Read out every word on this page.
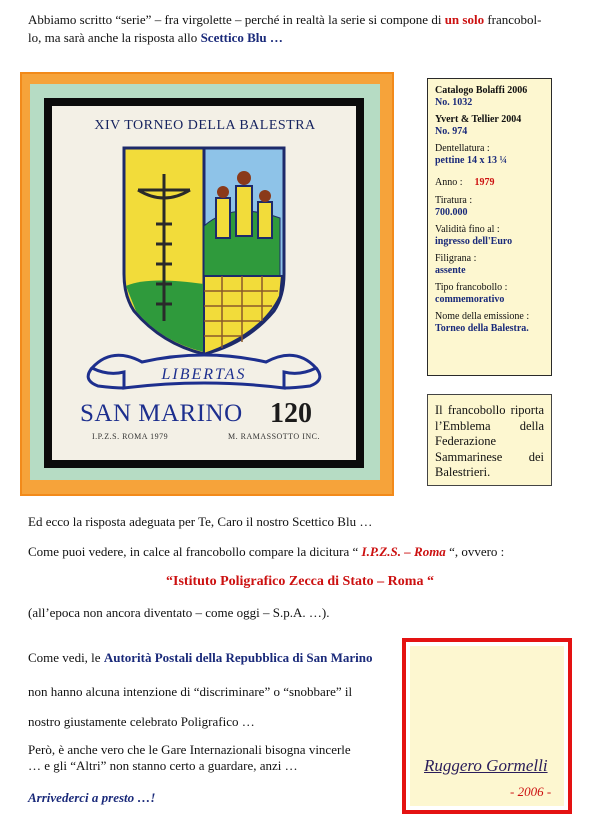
Abbiamo scritto “serie” – fra virgolette – perché in realtà la serie si compone di un solo francobol-
lo, ma sarà anche la risposta allo Scettico Blu …
LIBERTAS
XIV TORNEO DELLA BALESTRA
SAN MARINO 120
I.P.Z.S. ROMA 1979	M. RAMASSOTTO INC.
Catalogo Bolaffi 2006
No. 1032
Yvert & Tellier 2004
No. 974
Dentellatura :
pettine 14 x 13 ¼
Anno : 1979
Tiratura :
700.000
Validità fino al :
ingresso dell'Euro
Filigrana :
assente
Tipo francobollo :
commemorativo
Nome della emissione :
Torneo della Balestra.
Il francobollo riporta l’Emblema della Federazione Sammarinese dei Balestrieri.
Ed ecco la risposta adeguata per Te, Caro il nostro Scettico Blu …
Come puoi vedere, in calce al francobollo compare la dicitura “ I.P.Z.S. – Roma “, ovvero :
“Istituto Poligrafico Zecca di Stato – Roma “
(all’epoca non ancora diventato – come oggi – S.p.A. …).
Come vedi, le Autorità Postali della Repubblica di San Marino
non hanno alcuna intenzione di “discriminare” o “snobbare” il
nostro giustamente celebrato Poligrafico …
Però, è anche vero che le Gare Internazionali bisogna vincerle
… e gli “Altri” non stanno certo a guardare, anzi …
Arrivederci a presto …!
Ruggero Gormelli
- 2006 -
